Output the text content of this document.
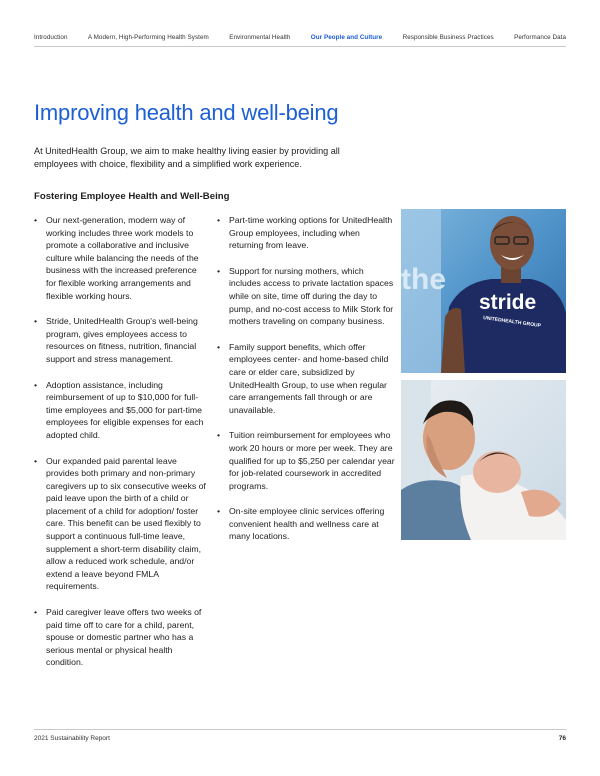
Introduction	A Modern, High-Performing Health System	Environmental Health	Our People and Culture	Responsible Business Practices	Performance Data
Improving health and well-being

At UnitedHealth Group, we aim to make healthy living easier by providing all employees with choice, flexibility and a simplified work experience.

Fostering Employee Health and Well-Being
• Our next-generation, modern way of working includes three work models to promote a collaborative and inclusive culture while balancing the needs of the business with the increased preference for flexible working arrangements and flexible working hours.
• Stride, UnitedHealth Group's well-being program, gives employees access to resources on fitness, nutrition, financial support and stress management.
• Adoption assistance, including reimbursement of up to $10,000 for full-time employees and $5,000 for part-time employees for eligible expenses for each adopted child.
• Our expanded paid parental leave provides both primary and non-primary caregivers up to six consecutive weeks of paid leave upon the birth of a child or placement of a child for adoption/ foster care. This benefit can be used flexibly to support a continuous full-time leave, supplement a short-term disability claim, allow a reduced work schedule, and/or extend a leave beyond FMLA requirements.
• Paid caregiver leave offers two weeks of paid time off to care for a child, parent, spouse or domestic partner who has a serious mental or physical health condition.
• Part-time working options for UnitedHealth Group employees, including when returning from leave.
• Support for nursing mothers, which includes access to private lactation spaces while on site, time off during the day to pump, and no-cost access to Milk Stork for mothers traveling on company business.
• Family support benefits, which offer employees center- and home-based child care or elder care, subsidized by UnitedHealth Group, to use when regular care arrangements fall through or are unavailable.
• Tuition reimbursement for employees who work 20 hours or more per week. They are qualified for up to $5,250 per calendar year for job-related coursework in accredited programs.
• On-site employee clinic services offering convenient health and wellness care at many locations.
the
stride
UNITEDHEALTH GROUP
2021 Sustainability Report	76
